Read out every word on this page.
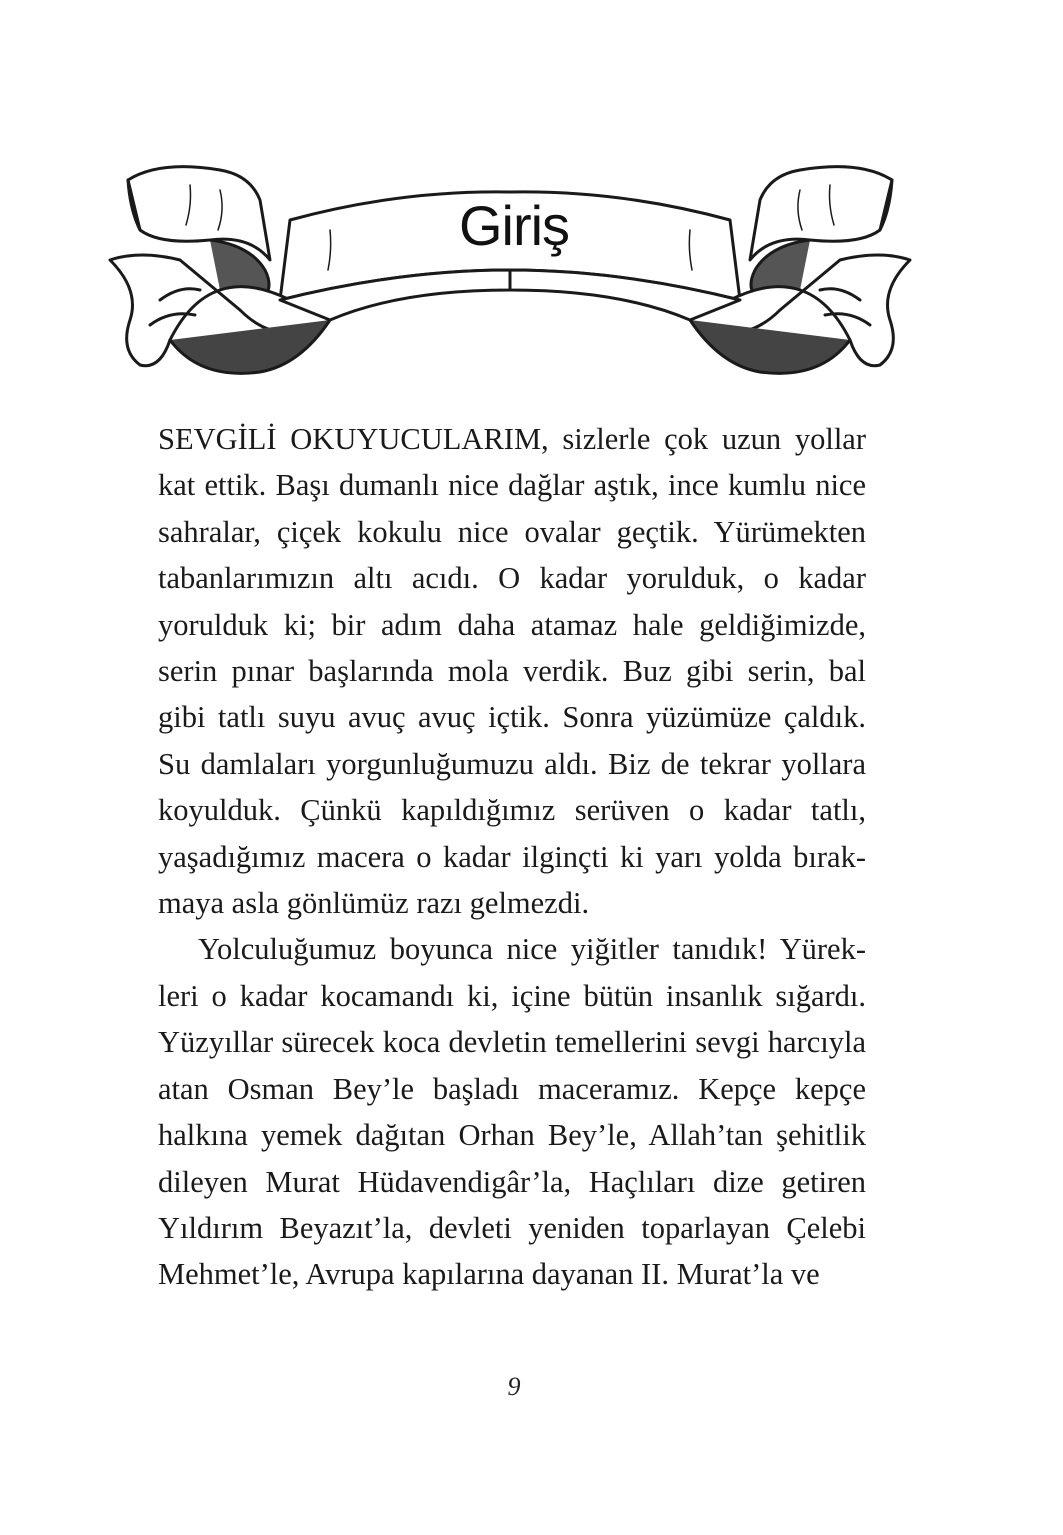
Giriş

SEVGİLİ OKUYUCULARIM, sizlerle çok uzun yollar kat ettik. Başı dumanlı nice dağlar aştık, ince kumlu nice sahralar, çiçek kokulu nice ovalar geçtik. Yürümekten tabanlarımızın altı acıdı. O kadar yorulduk, o kadar yorulduk ki; bir adım daha atamaz hale geldiğimizde, serin pınar başlarında mola verdik. Buz gibi serin, bal gibi tatlı suyu avuç avuç içtik. Sonra yüzümüze çaldık. Su damlaları yorgunluğumuzu aldı. Biz de tekrar yollara koyulduk. Çünkü kapıldığımız serüven o kadar tatlı, yaşadığımız macera o kadar ilginçti ki yarı yolda bırakmaya asla gönlümüz razı gelmezdi.

Yolculuğumuz boyunca nice yiğitler tanıdık! Yürekleri o kadar kocamandı ki, içine bütün insanlık sığardı. Yüzyıllar sürecek koca devletin temellerini sevgi harcıyla atan Osman Bey’le başladı maceramız. Kepçe kepçe halkına yemek dağıtan Orhan Bey’le, Allah’tan şehitlik dileyen Murat Hüdavendigâr’la, Haçlıları dize getiren Yıldırım Beyazıt’la, devleti yeniden toparlayan Çelebi Mehmet’le, Avrupa kapılarına dayanan II. Murat’la ve

9
